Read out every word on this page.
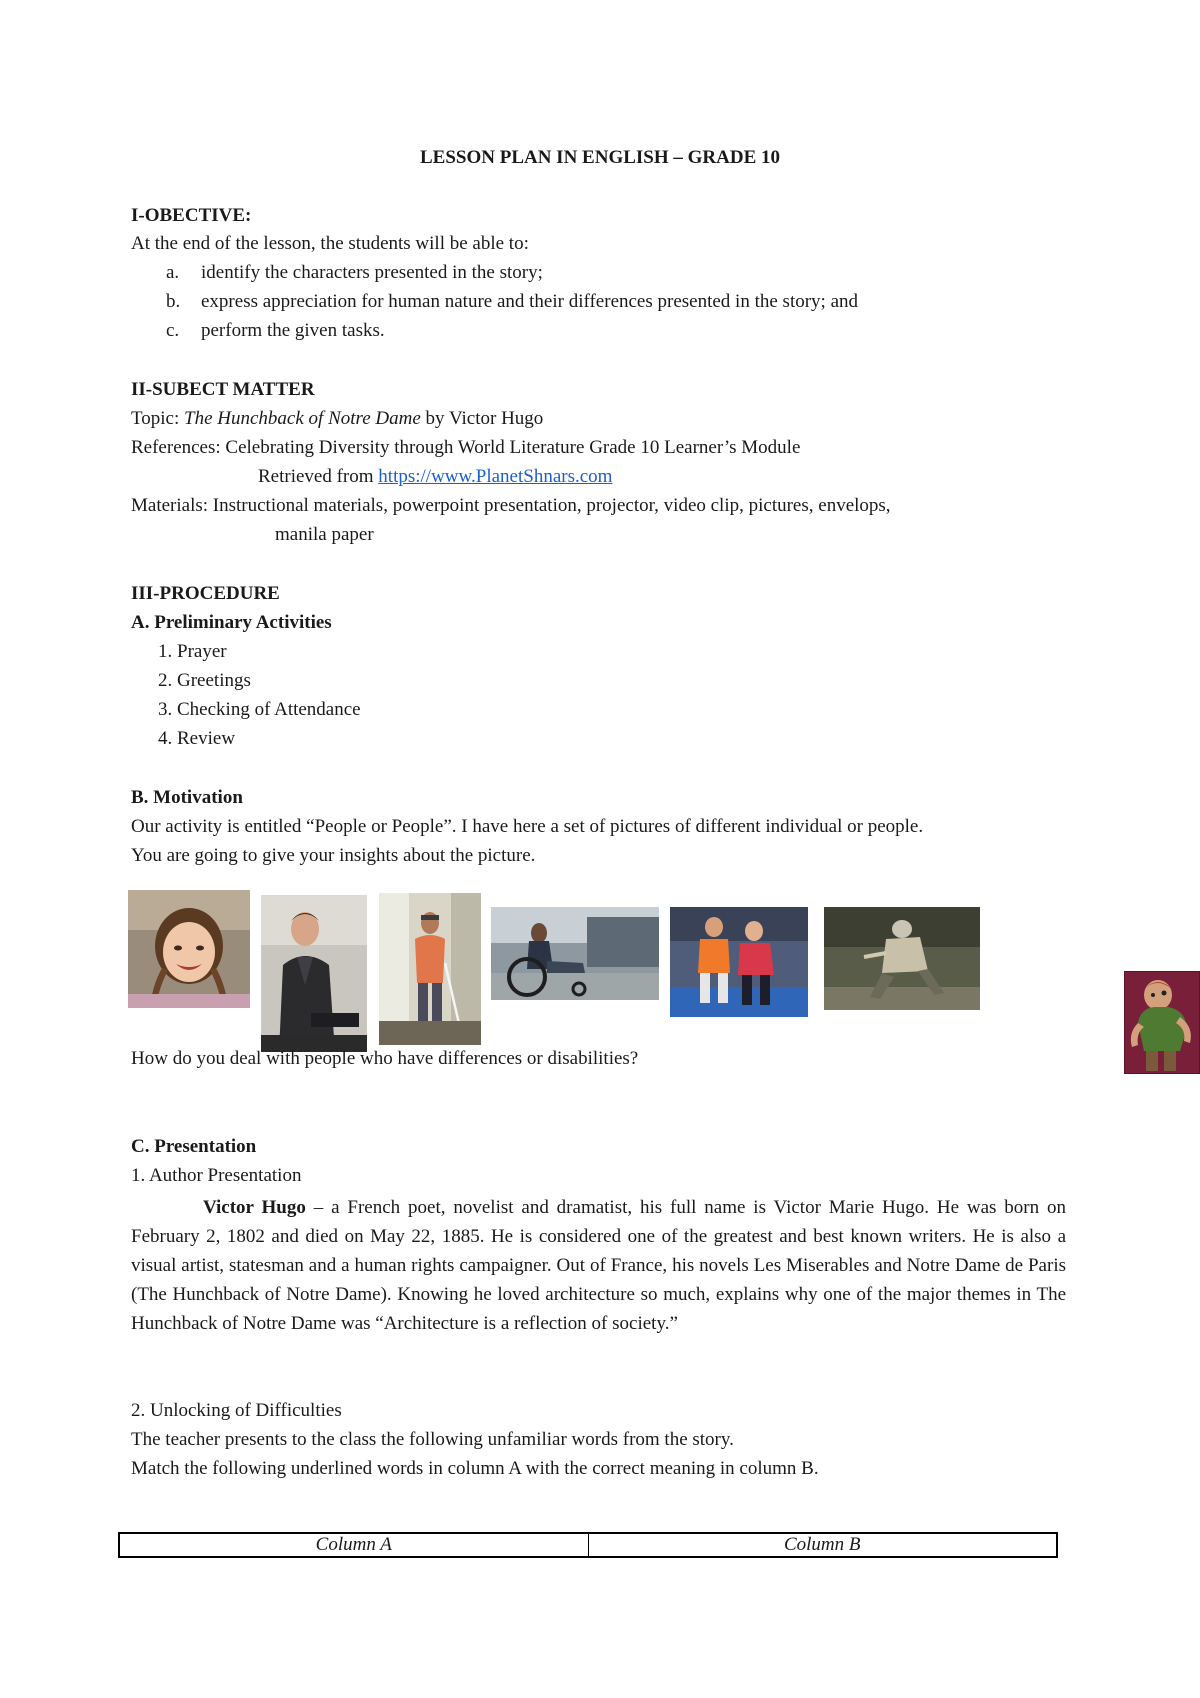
LESSON PLAN IN ENGLISH – GRADE 10
I-OBECTIVE:
At the end of the lesson, the students will be able to:
a. identify the characters presented in the story;
b. express appreciation for human nature and their differences presented in the story; and
c. perform the given tasks.
II-SUBECT MATTER
Topic: The Hunchback of Notre Dame by Victor Hugo
References: Celebrating Diversity through World Literature Grade 10 Learner’s Module
Retrieved from https://www.PlanetShnars.com
Materials: Instructional materials, powerpoint presentation, projector, video clip, pictures, envelops,
manila paper
III-PROCEDURE
A. Preliminary Activities
1. Prayer
2. Greetings
3. Checking of Attendance
4. Review
B. Motivation
Our activity is entitled “People or People”. I have here a set of pictures of different individual or people.
You are going to give your insights about the picture.
How do you deal with people who have differences or disabilities?
C. Presentation
1. Author Presentation
Victor Hugo – a French poet, novelist and dramatist, his full name is Victor Marie Hugo. He was born on February 2, 1802 and died on May 22, 1885. He is considered one of the greatest and best known writers. He is also a visual artist, statesman and a human rights campaigner. Out of France, his novels Les Miserables and Notre Dame de Paris (The Hunchback of Notre Dame). Knowing he loved architecture so much, explains why one of the major themes in The Hunchback of Notre Dame was “Architecture is a reflection of society.”
2. Unlocking of Difficulties
The teacher presents to the class the following unfamiliar words from the story.
Match the following underlined words in column A with the correct meaning in column B.
Column A	Column B
